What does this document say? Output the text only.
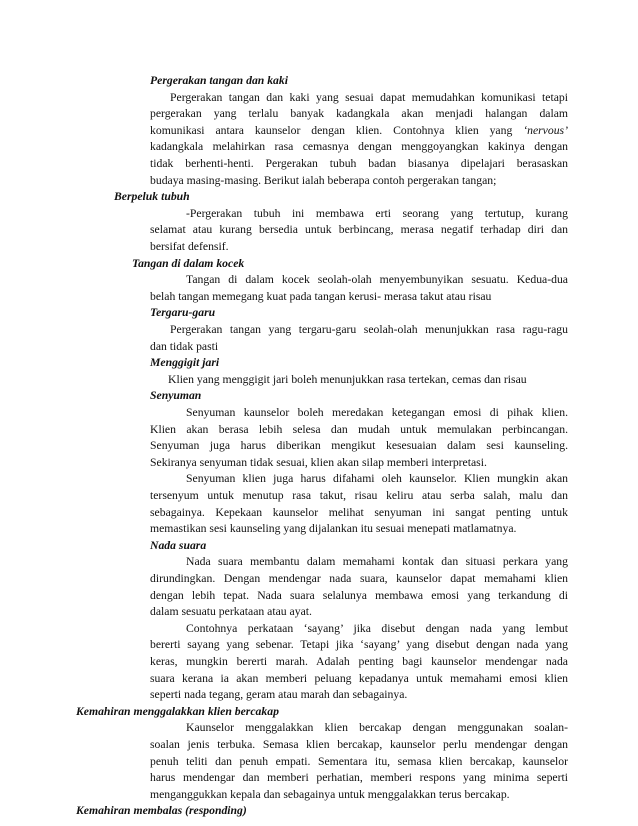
Pergerakan tangan dan kaki

Pergerakan tangan dan kaki yang sesuai dapat memudahkan komunikasi tetapi

pergerakan yang terlalu banyak kadangkala akan menjadi halangan dalam

komunikasi antara kaunselor dengan klien. Contohnya klien yang ‘nervous’

kadangkala melahirkan rasa cemasnya dengan menggoyangkan kakinya dengan

tidak berhenti-henti. Pergerakan tubuh badan biasanya dipelajari berasaskan

budaya masing-masing. Berikut ialah beberapa contoh pergerakan tangan;

Berpeluk tubuh

-Pergerakan tubuh ini membawa erti seorang yang tertutup, kurang

selamat atau kurang bersedia untuk berbincang, merasa negatif terhadap diri dan

bersifat defensif.

Tangan di dalam kocek

Tangan di dalam kocek seolah-olah menyembunyikan sesuatu. Kedua-dua

belah tangan memegang kuat pada tangan kerusi- merasa takut atau risau

Tergaru-garu

Pergerakan tangan yang tergaru-garu seolah-olah menunjukkan rasa ragu-ragu

dan tidak pasti

Menggigit jari

Klien yang menggigit jari boleh menunjukkan rasa tertekan, cemas dan risau

Senyuman

Senyuman kaunselor boleh meredakan ketegangan emosi di pihak klien.

Klien akan berasa lebih selesa dan mudah untuk memulakan perbincangan.

Senyuman juga harus diberikan mengikut kesesuaian dalam sesi kaunseling.

Sekiranya senyuman tidak sesuai, klien akan silap memberi interpretasi.

Senyuman klien juga harus difahami oleh kaunselor. Klien mungkin akan

tersenyum untuk menutup rasa takut, risau keliru atau serba salah, malu dan

sebagainya. Kepekaan kaunselor melihat senyuman ini sangat penting untuk

memastikan sesi kaunseling yang dijalankan itu sesuai menepati matlamatnya.

Nada suara

Nada suara membantu dalam memahami kontak dan situasi perkara yang

dirundingkan. Dengan mendengar nada suara, kaunselor dapat memahami klien

dengan lebih tepat. Nada suara selalunya membawa emosi yang terkandung di

dalam sesuatu perkataan atau ayat.

Contohnya perkataan ‘sayang’ jika disebut dengan nada yang lembut

bererti sayang yang sebenar. Tetapi jika ‘sayang’ yang disebut dengan nada yang

keras, mungkin bererti marah. Adalah penting bagi kaunselor mendengar nada

suara kerana ia akan memberi peluang kepadanya untuk memahami emosi klien

seperti nada tegang, geram atau marah dan sebagainya.

Kemahiran menggalakkan klien bercakap

Kaunselor menggalakkan klien bercakap dengan menggunakan soalan-

soalan jenis terbuka. Semasa klien bercakap, kaunselor perlu mendengar dengan

penuh teliti dan penuh empati. Sementara itu, semasa klien bercakap, kaunselor

harus mendengar dan memberi perhatian, memberi respons yang minima seperti

menganggukkan kepala dan sebagainya untuk menggalakkan terus bercakap.

Kemahiran membalas (responding)
